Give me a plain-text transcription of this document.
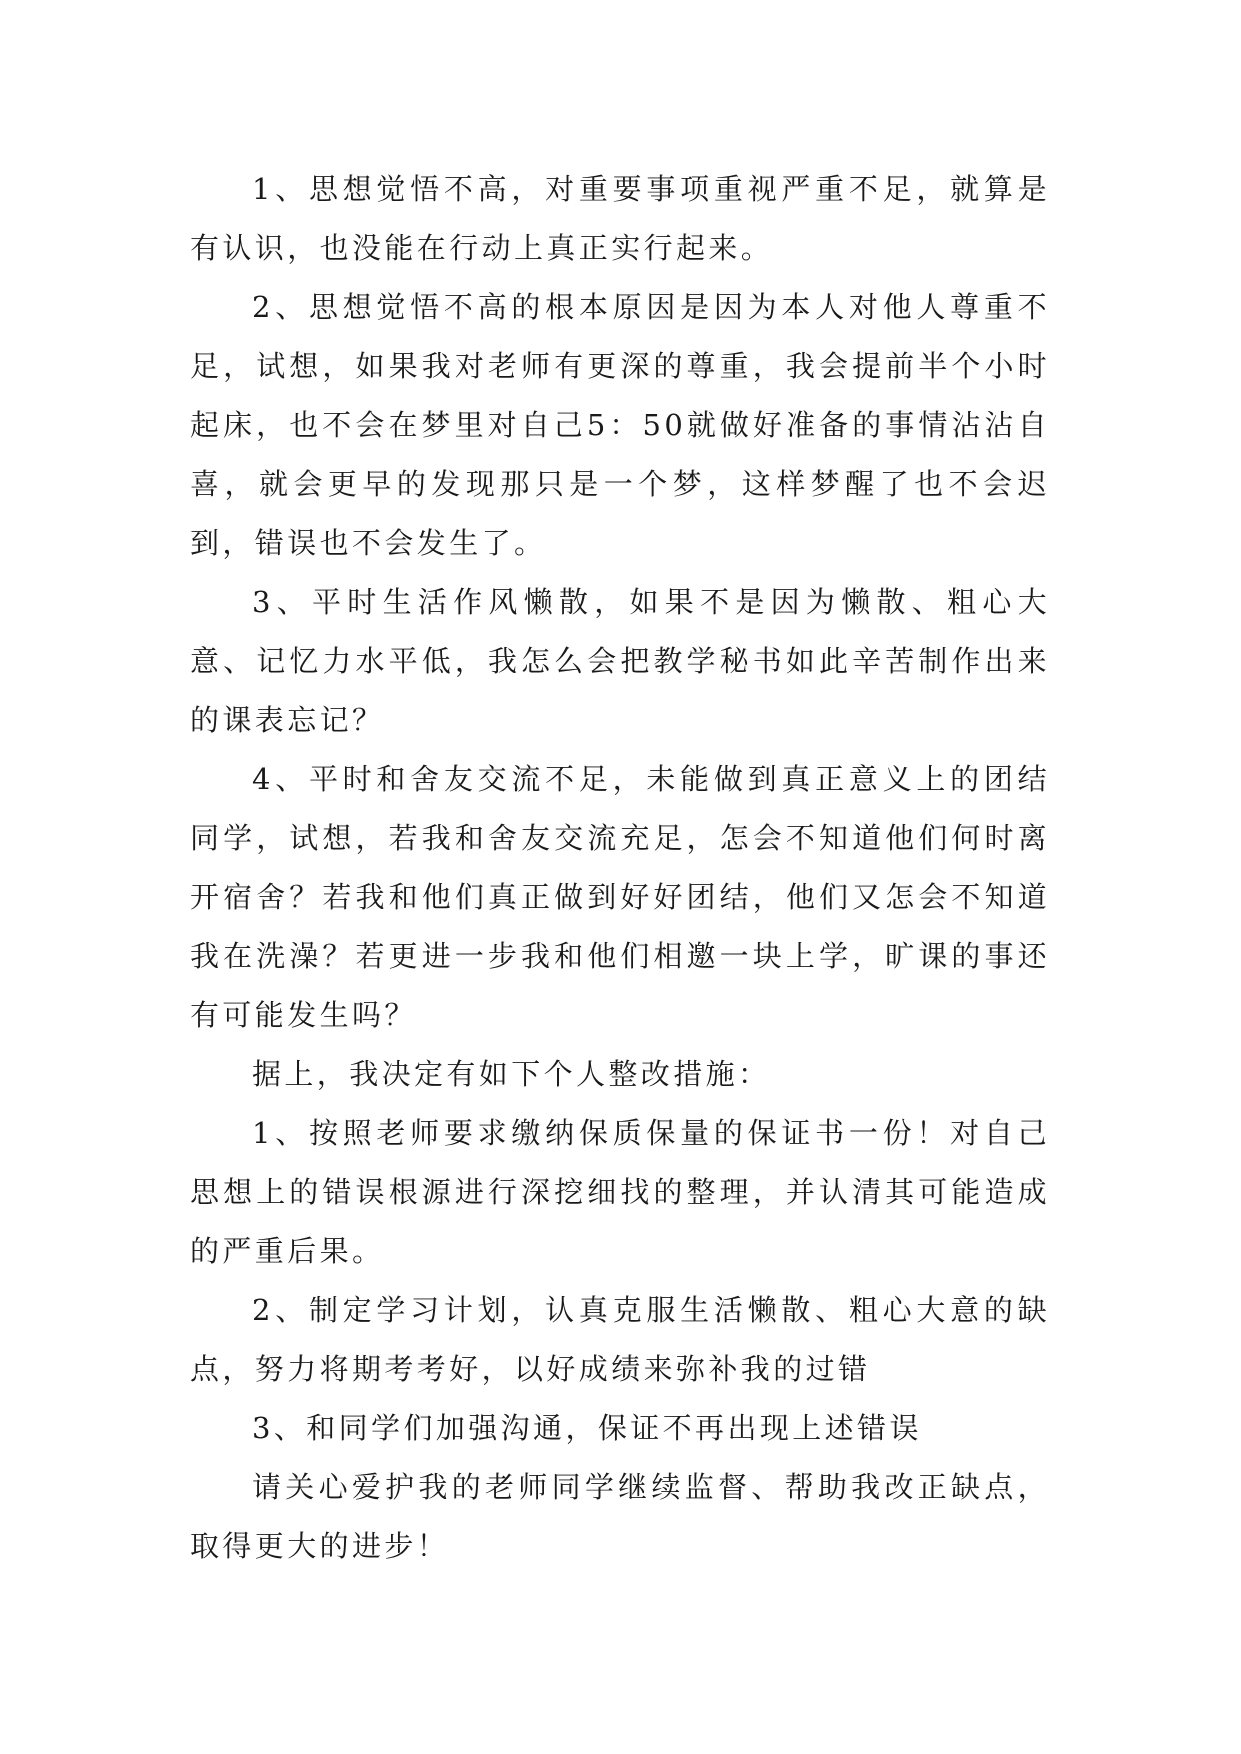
1、思想觉悟不高，对重要事项重视严重不足，就算是有认识，也没能在行动上真正实行起来。

2、思想觉悟不高的根本原因是因为本人对他人尊重不足，试想，如果我对老师有更深的尊重，我会提前半个小时起床，也不会在梦里对自己5：50就做好准备的事情沾沾自喜，就会更早的发现那只是一个梦，这样梦醒了也不会迟到，错误也不会发生了。

3、平时生活作风懒散，如果不是因为懒散、粗心大意、记忆力水平低，我怎么会把教学秘书如此辛苦制作出来的课表忘记？

4、平时和舍友交流不足，未能做到真正意义上的团结同学，试想，若我和舍友交流充足，怎会不知道他们何时离开宿舍？若我和他们真正做到好好团结，他们又怎会不知道我在洗澡？若更进一步我和他们相邀一块上学，旷课的事还有可能发生吗？

据上，我决定有如下个人整改措施：

1、按照老师要求缴纳保质保量的保证书一份！对自己思想上的错误根源进行深挖细找的整理，并认清其可能造成的严重后果。

2、制定学习计划，认真克服生活懒散、粗心大意的缺点，努力将期考考好，以好成绩来弥补我的过错

3、和同学们加强沟通，保证不再出现上述错误

请关心爱护我的老师同学继续监督、帮助我改正缺点，取得更大的进步！
